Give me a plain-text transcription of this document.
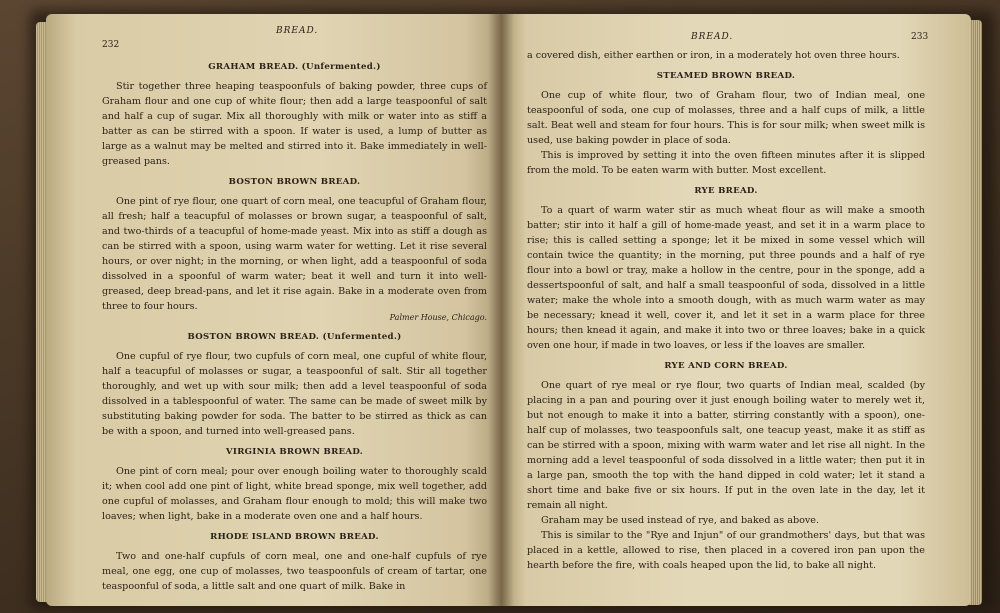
BREAD.
232
GRAHAM BREAD. (Unfermented.)

Stir together three heaping teaspoonfuls of baking powder, three cups of Graham flour and one cup of white flour; then add a large teaspoonful of salt and half a cup of sugar. Mix all thoroughly with milk or water into as stiff a batter as can be stirred with a spoon. If water is used, a lump of butter as large as a walnut may be melted and stirred into it. Bake immediately in well-greased pans.

BOSTON BROWN BREAD.

One pint of rye flour, one quart of corn meal, one teacupful of Graham flour, all fresh; half a teacupful of molasses or brown sugar, a teaspoonful of salt, and two-thirds of a teacupful of home-made yeast. Mix into as stiff a dough as can be stirred with a spoon, using warm water for wetting. Let it rise several hours, or over night; in the morning, or when light, add a teaspoonful of soda dissolved in a spoonful of warm water; beat it well and turn it into well-greased, deep bread-pans, and let it rise again. Bake in a moderate oven from three to four hours.

Palmer House, Chicago.
BOSTON BROWN BREAD. (Unfermented.)

One cupful of rye flour, two cupfuls of corn meal, one cupful of white flour, half a teacupful of molasses or sugar, a teaspoonful of salt. Stir all together thoroughly, and wet up with sour milk; then add a level teaspoonful of soda dissolved in a tablespoonful of water. The same can be made of sweet milk by substituting baking powder for soda. The batter to be stirred as thick as can be with a spoon, and turned into well-greased pans.

VIRGINIA BROWN BREAD.

One pint of corn meal; pour over enough boiling water to thoroughly scald it; when cool add one pint of light, white bread sponge, mix well together, add one cupful of molasses, and Graham flour enough to mold; this will make two loaves; when light, bake in a moderate oven one and a half hours.

RHODE ISLAND BROWN BREAD.

Two and one-half cupfuls of corn meal, one and one-half cupfuls of rye meal, one egg, one cup of molasses, two teaspoonfuls of cream of tartar, one teaspoonful of soda, a little salt and one quart of milk. Bake in

BREAD.	233

a covered dish, either earthen or iron, in a moderately hot oven three hours.

STEAMED BROWN BREAD.

One cup of white flour, two of Graham flour, two of Indian meal, one teaspoonful of soda, one cup of molasses, three and a half cups of milk, a little salt. Beat well and steam for four hours. This is for sour milk; when sweet milk is used, use baking powder in place of soda.

This is improved by setting it into the oven fifteen minutes after it is slipped from the mold. To be eaten warm with butter. Most excellent.

RYE BREAD.

To a quart of warm water stir as much wheat flour as will make a smooth batter; stir into it half a gill of home-made yeast, and set it in a warm place to rise; this is called setting a sponge; let it be mixed in some vessel which will contain twice the quantity; in the morning, put three pounds and a half of rye flour into a bowl or tray, make a hollow in the centre, pour in the sponge, add a dessertspoonful of salt, and half a small teaspoonful of soda, dissolved in a little water; make the whole into a smooth dough, with as much warm water as may be necessary; knead it well, cover it, and let it set in a warm place for three hours; then knead it again, and make it into two or three loaves; bake in a quick oven one hour, if made in two loaves, or less if the loaves are smaller.

RYE AND CORN BREAD.

One quart of rye meal or rye flour, two quarts of Indian meal, scalded (by placing in a pan and pouring over it just enough boiling water to merely wet it, but not enough to make it into a batter, stirring constantly with a spoon), one-half cup of molasses, two teaspoonfuls salt, one teacup yeast, make it as stiff as can be stirred with a spoon, mixing with warm water and let rise all night. In the morning add a level teaspoonful of soda dissolved in a little water; then put it in a large pan, smooth the top with the hand dipped in cold water; let it stand a short time and bake five or six hours. If put in the oven late in the day, let it remain all night.

Graham may be used instead of rye, and baked as above.

This is similar to the "Rye and Injun" of our grandmothers' days, but that was placed in a kettle, allowed to rise, then placed in a covered iron pan upon the hearth before the fire, with coals heaped upon the lid, to bake all night.
